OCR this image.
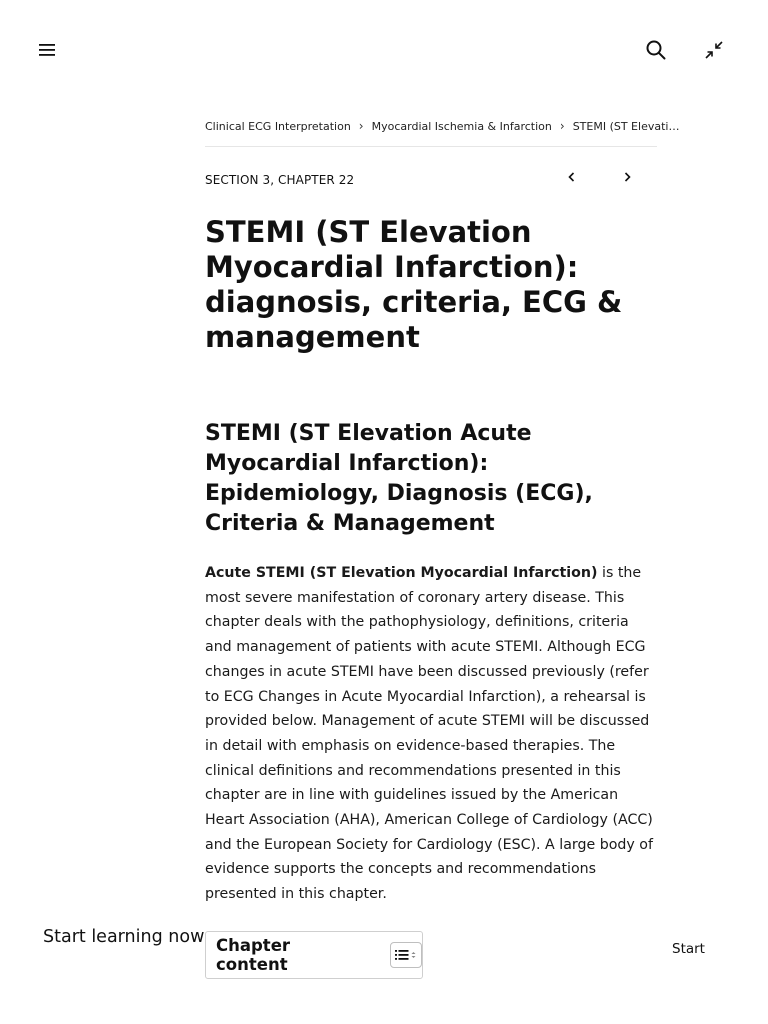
Clinical ECG Interpretation › Myocardial Ischemia & Infarction › STEMI (ST Elevati…
SECTION 3, CHAPTER 22
STEMI (ST Elevation Myocardial Infarction): diagnosis, criteria, ECG & management
STEMI (ST Elevation Acute Myocardial Infarction): Epidemiology, Diagnosis (ECG), Criteria & Management

Acute STEMI (ST Elevation Myocardial Infarction) is the most severe manifestation of coronary artery disease. This chapter deals with the pathophysiology, definitions, criteria and management of patients with acute STEMI. Although ECG changes in acute STEMI have been discussed previously (refer to ECG Changes in Acute Myocardial Infarction), a rehearsal is provided below. Management of acute STEMI will be discussed in detail with emphasis on evidence-based therapies. The clinical definitions and recommendations presented in this chapter are in line with guidelines issued by the American Heart Association (AHA), American College of Cardiology (ACC) and the European Society for Cardiology (ESC). A large body of evidence supports the concepts and recommendations presented in this chapter.

Chapter content
Start learning now
Start
